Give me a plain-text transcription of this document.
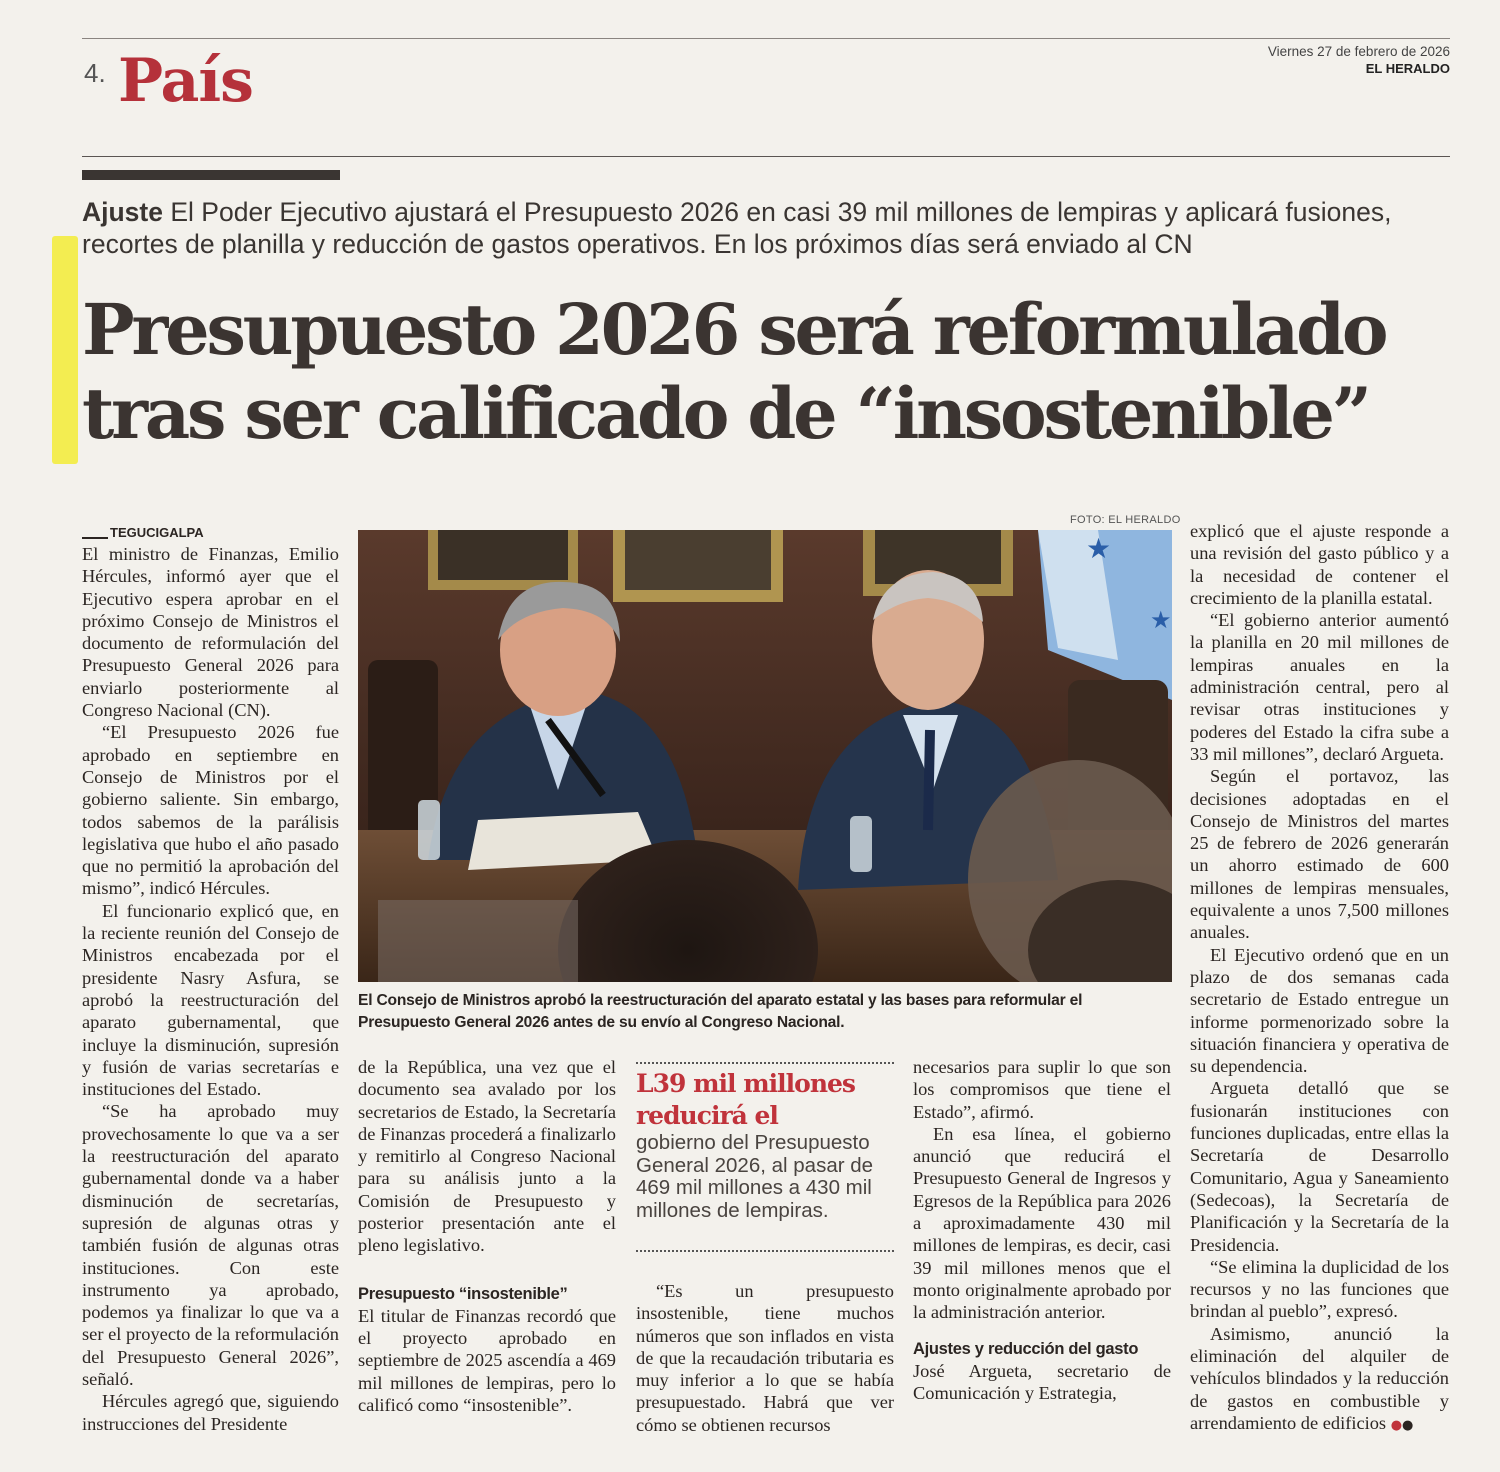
4. País	Viernes 27 de febrero de 2026
EL HERALDO
Ajuste El Poder Ejecutivo ajustará el Presupuesto 2026 en casi 39 mil millones de lempiras y aplicará fusiones, recortes de planilla y reducción de gastos operativos. En los próximos días será enviado al CN
Presupuesto 2026 será reformulado
tras ser calificado de “insostenible”
TEGUCIGALPA
FOTO: EL HERALDO
★
★
El Consejo de Ministros aprobó la reestructuración del aparato estatal y las bases para reformular el Presupuesto General 2026 antes de su envío al Congreso Nacional.

El ministro de Finanzas, Emilio Hércules, informó ayer que el Ejecutivo espera aprobar en el próximo Consejo de Ministros el documento de reformulación del Presupuesto General 2026 para enviarlo posteriormente al Congreso Nacional (CN).

“El Presupuesto 2026 fue aprobado en septiembre en Consejo de Ministros por el gobierno saliente. Sin embargo, todos sabemos de la parálisis legislativa que hubo el año pasado que no permitió la aprobación del mismo”, indicó Hércules.

El funcionario explicó que, en la reciente reunión del Consejo de Ministros encabezada por el presidente Nasry Asfura, se aprobó la reestructuración del aparato gubernamental, que incluye la disminución, supresión y fusión de varias secretarías e instituciones del Estado.

“Se ha aprobado muy provechosamente lo que va a ser la reestructuración del aparato gubernamental donde va a haber disminución de secretarías, supresión de algunas otras y también fusión de algunas otras instituciones. Con este instrumento ya aprobado, podemos ya finalizar lo que va a ser el proyecto de la reformulación del Presupuesto General 2026”, señaló.

Hércules agregó que, siguiendo instrucciones del Presidente

de la República, una vez que el documento sea avalado por los secretarios de Estado, la Secretaría de Finanzas procederá a finalizarlo y remitirlo al Congreso Nacional para su análisis junto a la Comisión de Presupuesto y posterior presentación ante el pleno legislativo.

Presupuesto “insostenible”

El titular de Finanzas recordó que el proyecto aprobado en septiembre de 2025 ascendía a 469 mil millones de lempiras, pero lo calificó como “insostenible”.

L39 mil millones reducirá el
gobierno del Presupuesto General 2026, al pasar de 469 mil millones a 430 mil millones de lempiras.

“Es un presupuesto insostenible, tiene muchos números que son inflados en vista de que la recaudación tributaria es muy inferior a lo que se había presupuestado. Habrá que ver cómo se obtienen recursos

necesarios para suplir lo que son los compromisos que tiene el Estado”, afirmó.

En esa línea, el gobierno anunció que reducirá el Presupuesto General de Ingresos y Egresos de la República para 2026 a aproximadamente 430 mil millones de lempiras, es decir, casi 39 mil millones menos que el monto originalmente aprobado por la administración anterior.

Ajustes y reducción del gasto

José Argueta, secretario de Comunicación y Estrategia,

explicó que el ajuste responde a una revisión del gasto público y a la necesidad de contener el crecimiento de la planilla estatal.

“El gobierno anterior aumentó la planilla en 20 mil millones de lempiras anuales en la administración central, pero al revisar otras instituciones y poderes del Estado la cifra sube a 33 mil millones”, declaró Argueta.

Según el portavoz, las decisiones adoptadas en el Consejo de Ministros del martes 25 de febrero de 2026 generarán un ahorro estimado de 600 millones de lempiras mensuales, equivalente a unos 7,500 millones anuales.

El Ejecutivo ordenó que en un plazo de dos semanas cada secretario de Estado entregue un informe pormenorizado sobre la situación financiera y operativa de su dependencia.

Argueta detalló que se fusionarán instituciones con funciones duplicadas, entre ellas la Secretaría de Desarrollo Comunitario, Agua y Saneamiento (Sedecoas), la Secretaría de Planificación y la Secretaría de la Presidencia.

“Se elimina la duplicidad de los recursos y no las funciones que brindan al pueblo”, expresó.

Asimismo, anunció la eliminación del alquiler de vehículos blindados y la reducción de gastos en combustible y arrendamiento de edificios ●●
